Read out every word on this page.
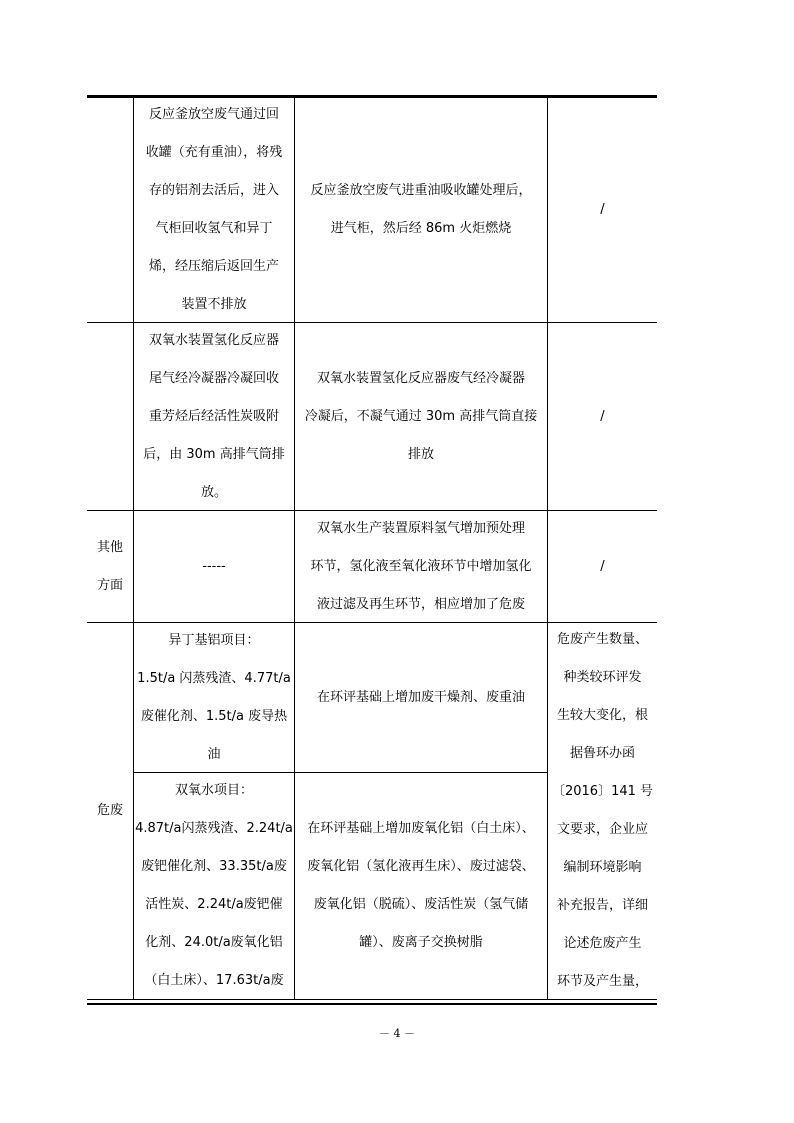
反应釜放空废气通过回
收罐（充有重油），将残
存的铝剂去活后，进入
气柜回收氢气和异丁
烯，经压缩后返回生产
装置不排放
反应釜放空废气进重油吸收罐处理后，
进气柜，然后经 86m 火炬燃烧
/
双氧水装置氢化反应器
尾气经冷凝器冷凝回收
重芳烃后经活性炭吸附
后，由 30m 高排气筒排
放。
双氧水装置氢化反应器废气经冷凝器
冷凝后，不凝气通过 30m 高排气筒直接
排放
/
其他
方面
-----
双氧水生产装置原料氢气增加预处理
环节，氢化液至氧化液环节中增加氢化
液过滤及再生环节，相应增加了危废
/
危废
异丁基铝项目：
1.5t/a 闪蒸残渣、4.77t/a
废催化剂、1.5t/a 废导热
油
在环评基础上增加废干燥剂、废重油
危废产生数量、
种类较环评发
生较大变化，根
据鲁环办函
〔2016〕141 号
文要求，企业应
编制环境影响
补充报告，详细
论述危废产生
环节及产生量，
双氧水项目：
4.87t/a闪蒸残渣、2.24t/a
废钯催化剂、33.35t/a废
活性炭、2.24t/a废钯催
化剂、24.0t/a废氧化铝
（白土床）、17.63t/a废
在环评基础上增加废氧化铝（白土床）、
废氧化铝（氢化液再生床）、废过滤袋、
废氧化铝（脱硫）、废活性炭（氢气储
罐）、废离子交换树脂
－ 4 －
